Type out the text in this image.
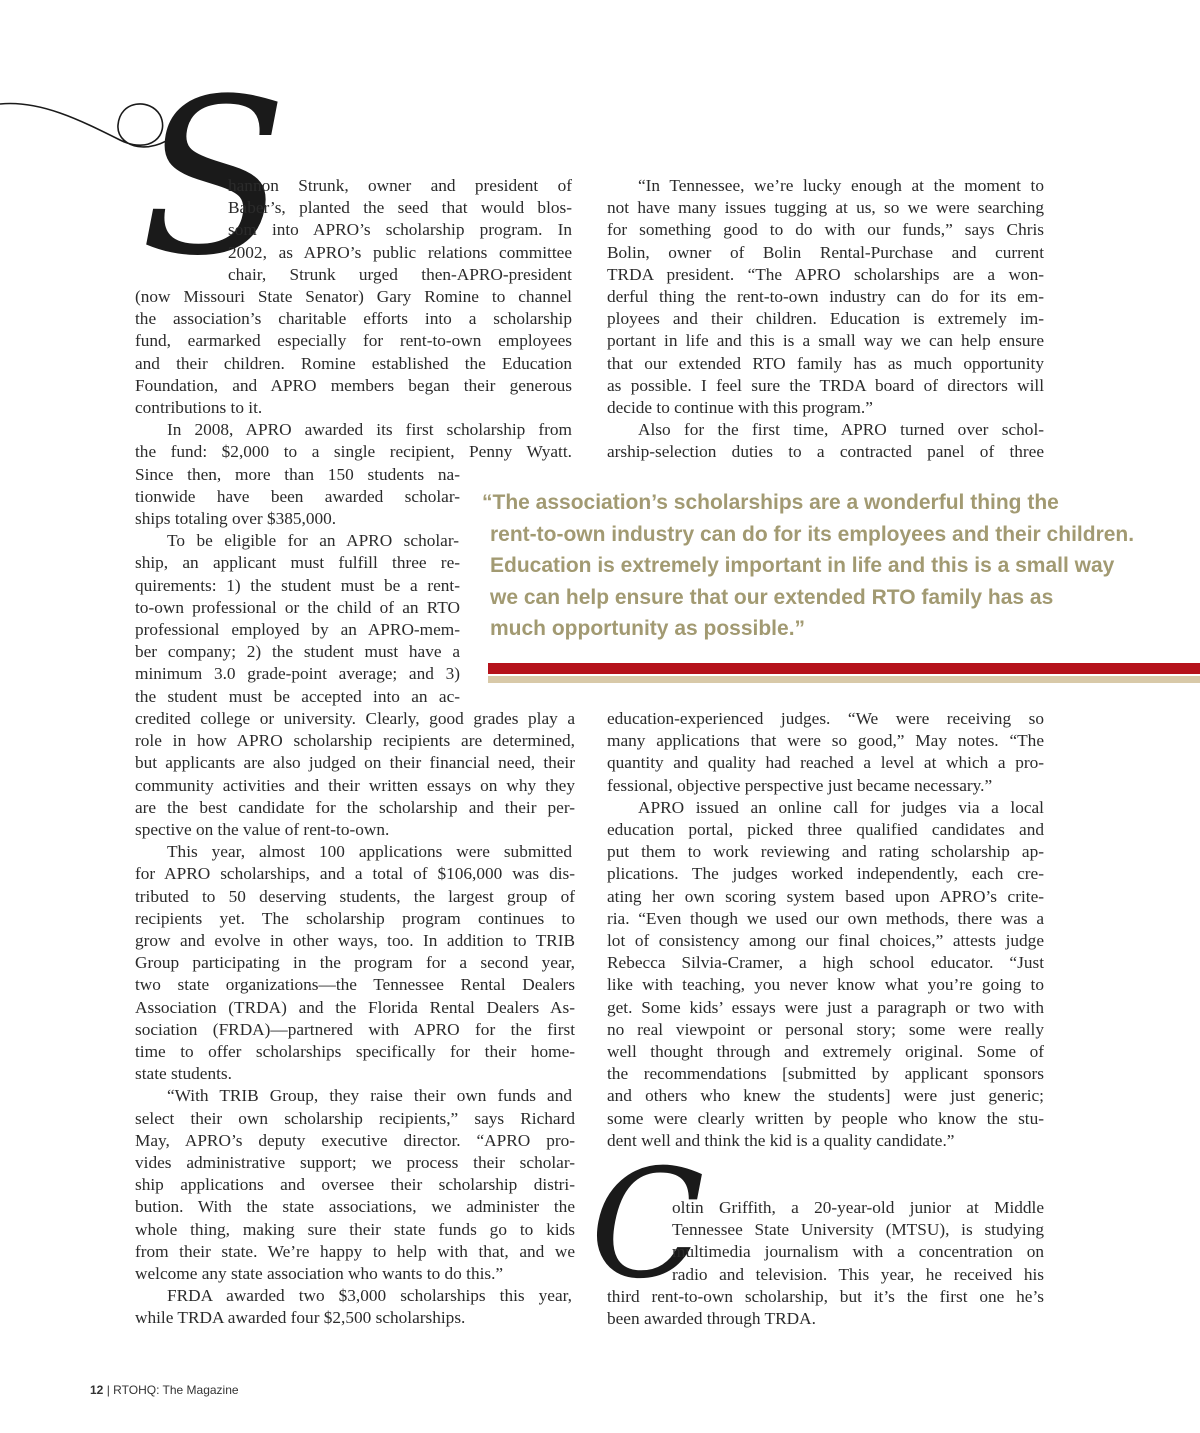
S
C
hannon Strunk, owner and president of
Baber’s, planted the seed that would blos-
som into APRO’s scholarship program. In
2002, as APRO’s public relations committee
chair, Strunk urged then-APRO-president
(now Missouri State Senator) Gary Romine to channel
the association’s charitable efforts into a scholarship
fund, earmarked especially for rent-to-own employees
and their children. Romine established the Education
Foundation, and APRO members began their generous
contributions to it.
In 2008, APRO awarded its first scholarship from
the fund: $2,000 to a single recipient, Penny Wyatt.
Since then, more than 150 students na-
tionwide have been awarded scholar-
ships totaling over $385,000.
To be eligible for an APRO scholar-
ship, an applicant must fulfill three re-
quirements: 1) the student must be a rent-
to-own professional or the child of an RTO
professional employed by an APRO-mem-
ber company; 2) the student must have a
minimum 3.0 grade-point average; and 3)
the student must be accepted into an ac-
credited college or university. Clearly, good grades play a
role in how APRO scholarship recipients are determined,
but applicants are also judged on their financial need, their
community activities and their written essays on why they
are the best candidate for the scholarship and their per-
spective on the value of rent-to-own.
This year, almost 100 applications were submitted
for APRO scholarships, and a total of $106,000 was dis-
tributed to 50 deserving students, the largest group of
recipients yet. The scholarship program continues to
grow and evolve in other ways, too. In addition to TRIB
Group participating in the program for a second year,
two state organizations—the Tennessee Rental Dealers
Association (TRDA) and the Florida Rental Dealers As-
sociation (FRDA)—partnered with APRO for the first
time to offer scholarships specifically for their home-
state students.
“With TRIB Group, they raise their own funds and
select their own scholarship recipients,” says Richard
May, APRO’s deputy executive director. “APRO pro-
vides administrative support; we process their scholar-
ship applications and oversee their scholarship distri-
bution. With the state associations, we administer the
whole thing, making sure their state funds go to kids
from their state. We’re happy to help with that, and we
welcome any state association who wants to do this.”
FRDA awarded two $3,000 scholarships this year,
while TRDA awarded four $2,500 scholarships.
“In Tennessee, we’re lucky enough at the moment to
not have many issues tugging at us, so we were searching
for something good to do with our funds,” says Chris
Bolin, owner of Bolin Rental-Purchase and current
TRDA president. “The APRO scholarships are a won-
derful thing the rent-to-own industry can do for its em-
ployees and their children. Education is extremely im-
portant in life and this is a small way we can help ensure
that our extended RTO family has as much opportunity
as possible. I feel sure the TRDA board of directors will
decide to continue with this program.”
Also for the first time, APRO turned over schol-
arship-selection duties to a contracted panel of three
education-experienced judges. “We were receiving so
many applications that were so good,” May notes. “The
quantity and quality had reached a level at which a pro-
fessional, objective perspective just became necessary.”
APRO issued an online call for judges via a local
education portal, picked three qualified candidates and
put them to work reviewing and rating scholarship ap-
plications. The judges worked independently, each cre-
ating her own scoring system based upon APRO’s crite-
ria. “Even though we used our own methods, there was a
lot of consistency among our final choices,” attests judge
Rebecca Silvia-Cramer, a high school educator. “Just
like with teaching, you never know what you’re going to
get. Some kids’ essays were just a paragraph or two with
no real viewpoint or personal story; some were really
well thought through and extremely original. Some of
the recommendations [submitted by applicant sponsors
and others who knew the students] were just generic;
some were clearly written by people who know the stu-
dent well and think the kid is a quality candidate.”
oltin Griffith, a 20-year-old junior at Middle
Tennessee State University (MTSU), is studying
multimedia journalism with a concentration on
radio and television. This year, he received his
third rent-to-own scholarship, but it’s the first one he’s
been awarded through TRDA.
“The association’s scholarships are a wonderful thing the
rent-to-own industry can do for its employees and their children.
Education is extremely important in life and this is a small way
we can help ensure that our extended RTO family has as
much opportunity as possible.”
12 | RTOHQ: The Magazine
